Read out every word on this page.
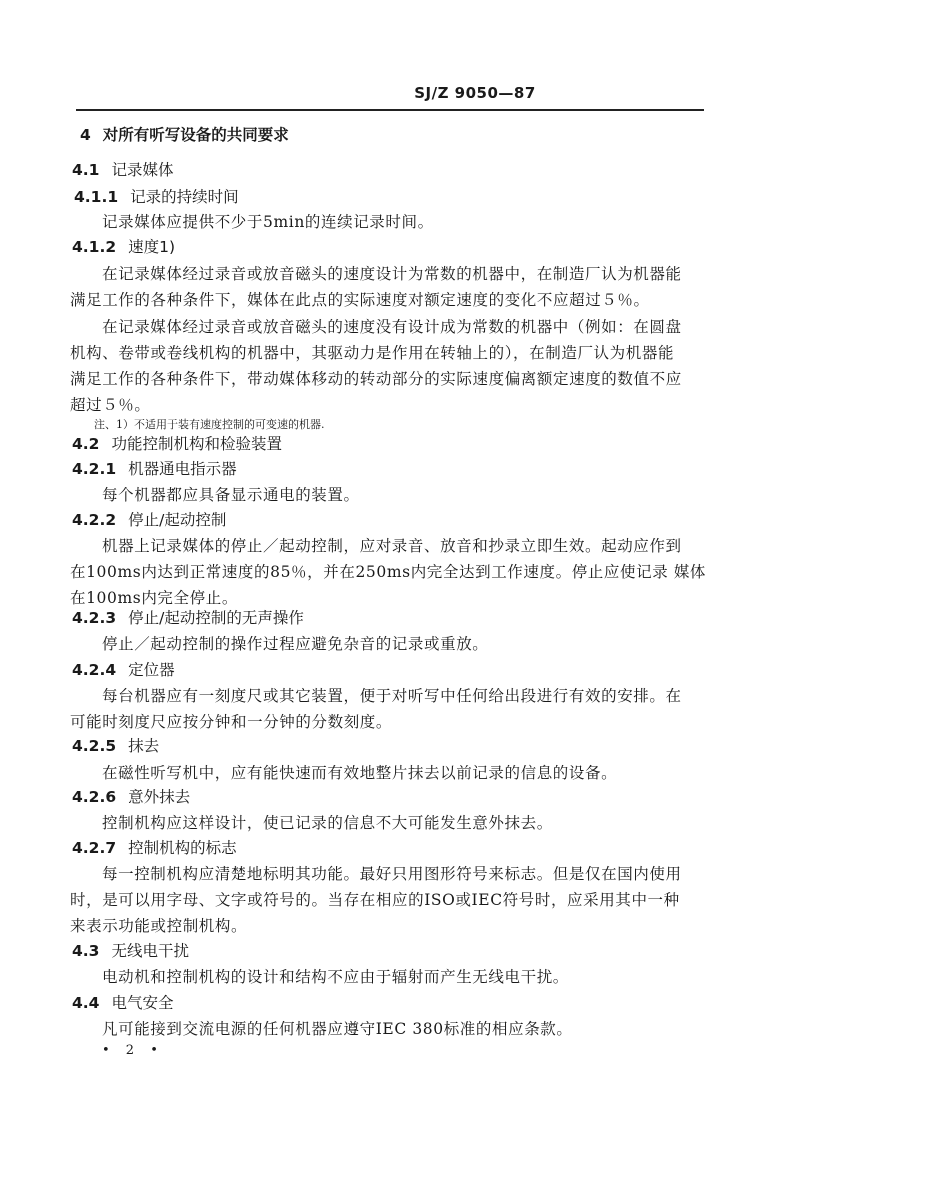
SJ/Z 9050—87
4 对所有听写设备的共同要求
4.1 记录媒体
4.1.1 记录的持续时间
记录媒体应提供不少于5min的连续记录时间。
4.1.2 速度1)
在记录媒体经过录音或放音磁头的速度设计为常数的机器中，在制造厂认为机器能
满足工作的各种条件下，媒体在此点的实际速度对额定速度的变化不应超过５％。
在记录媒体经过录音或放音磁头的速度没有设计成为常数的机器中（例如：在圆盘
机构、卷带或卷线机构的机器中，其驱动力是作用在转轴上的），在制造厂认为机器能
满足工作的各种条件下，带动媒体移动的转动部分的实际速度偏离额定速度的数值不应
超过５％。
注、1）不适用于装有速度控制的可变速的机器.
4.2 功能控制机构和检验装置
4.2.1 机器通电指示器
每个机器都应具备显示通电的装置。
4.2.2 停止/起动控制
机器上记录媒体的停止／起动控制，应对录音、放音和抄录立即生效。起动应作到
在100ms内达到正常速度的85％，并在250ms内完全达到工作速度。停止应使记录 媒体
在100ms内完全停止。
4.2.3 停止/起动控制的无声操作
停止／起动控制的操作过程应避免杂音的记录或重放。
4.2.4 定位器
每台机器应有一刻度尺或其它装置，便于对听写中任何给出段进行有效的安排。在
可能时刻度尺应按分钟和一分钟的分数刻度。
4.2.5 抹去
在磁性听写机中，应有能快速而有效地整片抹去以前记录的信息的设备。
4.2.6 意外抹去
控制机构应这样设计，使已记录的信息不大可能发生意外抹去。
4.2.7 控制机构的标志
每一控制机构应清楚地标明其功能。最好只用图形符号来标志。但是仅在国内使用
时，是可以用字母、文字或符号的。当存在相应的ISO或IEC符号时，应采用其中一种
来表示功能或控制机构。
4.3 无线电干扰
电动机和控制机构的设计和结构不应由于辐射而产生无线电干扰。
4.4 电气安全
凡可能接到交流电源的任何机器应遵守IEC 380标准的相应条款。
• 2 •
